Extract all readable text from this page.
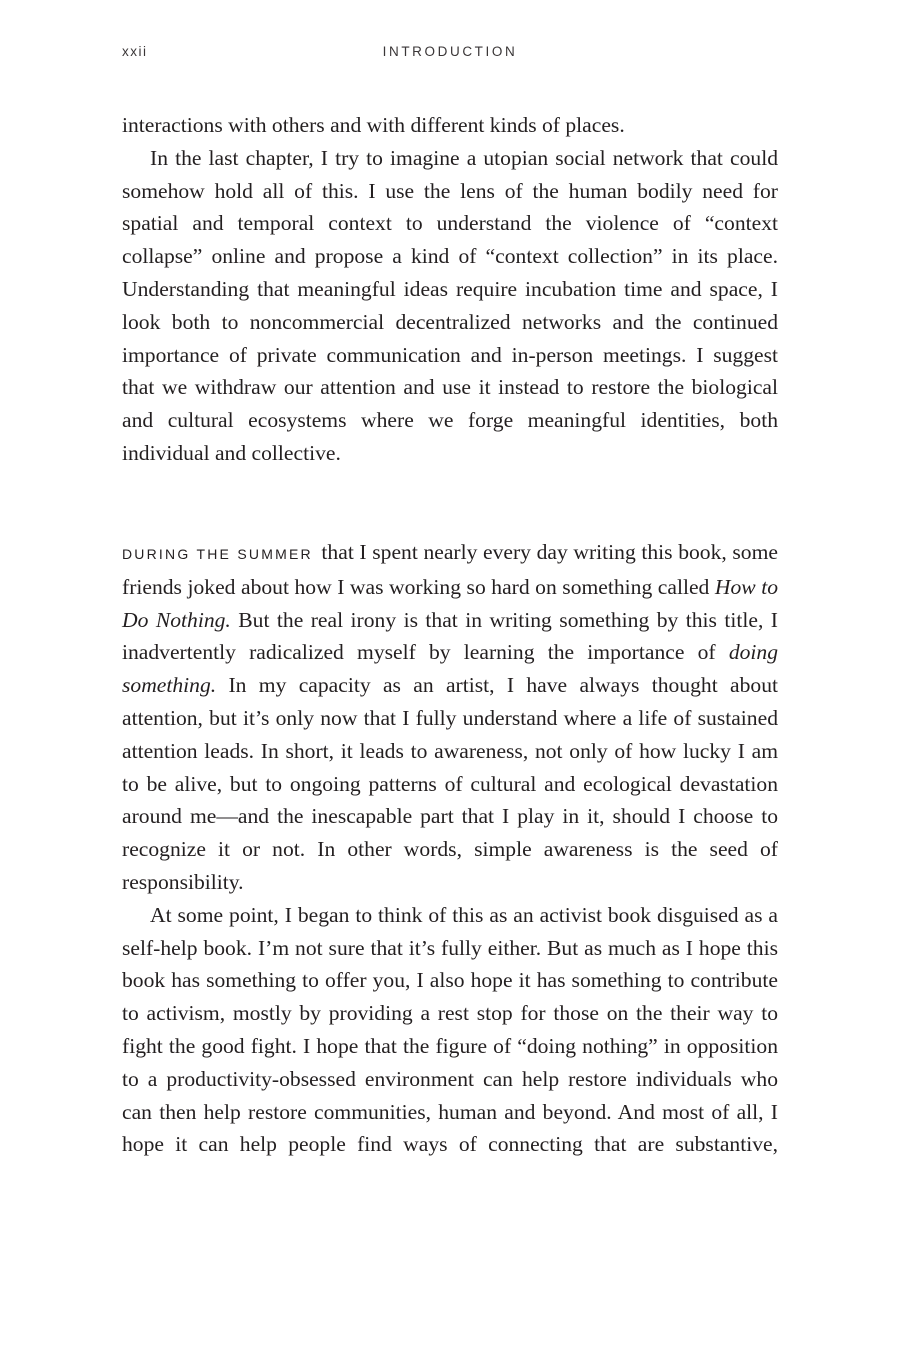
xxii	INTRODUCTION

interactions with others and with different kinds of places.

In the last chapter, I try to imagine a utopian social network that could somehow hold all of this. I use the lens of the human bodily need for spatial and temporal context to understand the violence of “context collapse” online and propose a kind of “context collection” in its place. Understanding that meaningful ideas require incubation time and space, I look both to noncommercial decentralized networks and the continued importance of private communication and in-person meetings. I suggest that we withdraw our attention and use it instead to restore the biological and cultural ecosystems where we forge meaningful identities, both individual and collective.

DURING THE SUMMER that I spent nearly every day writing this book, some friends joked about how I was working so hard on something called How to Do Nothing. But the real irony is that in writing something by this title, I inadvertently radicalized myself by learning the importance of doing something. In my capacity as an artist, I have always thought about attention, but it’s only now that I fully understand where a life of sustained attention leads. In short, it leads to awareness, not only of how lucky I am to be alive, but to ongoing patterns of cultural and ecological devastation around me—and the inescapable part that I play in it, should I choose to recognize it or not. In other words, simple awareness is the seed of responsibility.

At some point, I began to think of this as an activist book disguised as a self-help book. I’m not sure that it’s fully either. But as much as I hope this book has something to offer you, I also hope it has something to contribute to activism, mostly by providing a rest stop for those on the their way to fight the good fight. I hope that the figure of “doing nothing” in opposition to a productivity-obsessed environment can help restore individuals who can then help restore communities, human and beyond. And most of all, I hope it can help people find ways of connecting that are substantive,
